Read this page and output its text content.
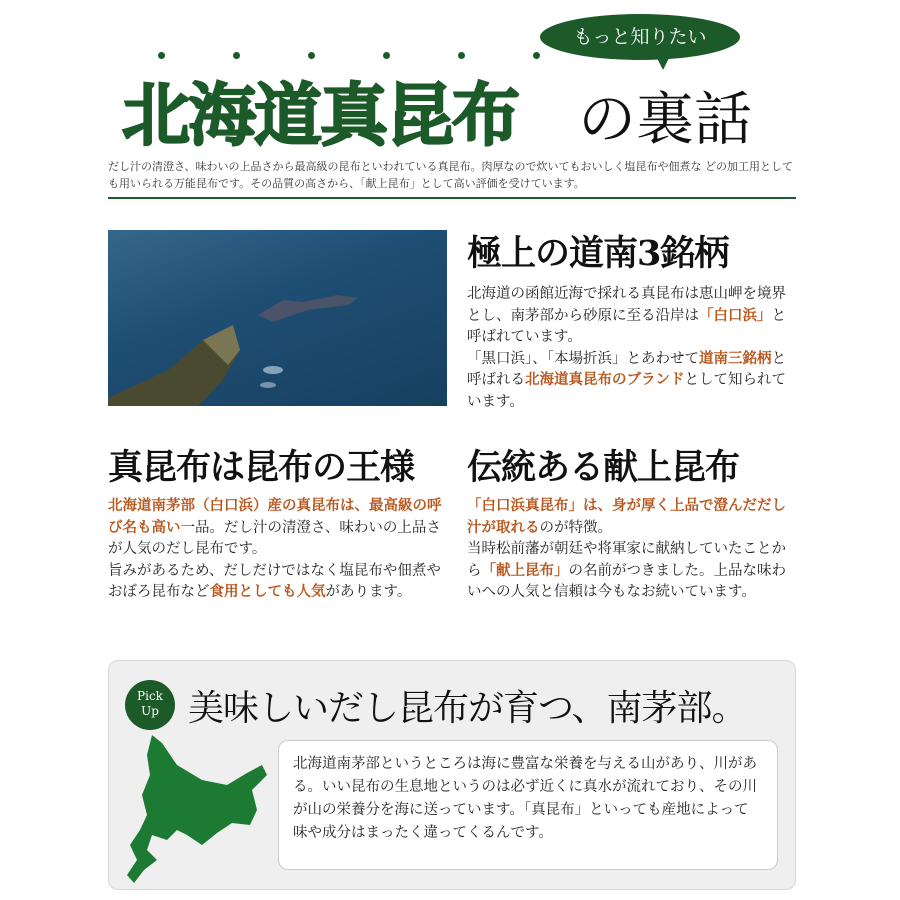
もっと知りたい
北海道真昆布 の裏話
だし汁の清澄さ、味わいの上品さから最高級の昆布といわれている真昆布。肉厚なので炊いてもおいしく塩昆布や佃煮な どの加工用としても用いられる万能昆布です。その品質の高さから、「献上昆布」として高い評価を受けています。
極上の道南3銘柄
北海道の函館近海で採れる真昆布は恵山岬を境界とし、南茅部から砂原に至る沿岸は「白口浜」と呼ばれています。
「黒口浜」、「本場折浜」とあわせて道南三銘柄と呼ばれる北海道真昆布のブランドとして知られています。
真昆布は昆布の王様
北海道南茅部（白口浜）産の真昆布は、最高級の呼び名も高い一品。だし汁の清澄さ、味わいの上品さが人気のだし昆布です。
旨みがあるため、だしだけではなく塩昆布や佃煮やおぼろ昆布など食用としても人気があります。
伝統ある献上昆布
「白口浜真昆布」は、身が厚く上品で澄んだだし汁が取れるのが特徴。
当時松前藩が朝廷や将軍家に献納していたことから「献上昆布」の名前がつきました。上品な味わいへの人気と信頼は今もなお続いています。
Pick
Up 美味しいだし昆布が育つ、南茅部。
北海道南茅部というところは海に豊富な栄養を与える山があり、川がある。いい昆布の生息地というのは必ず近くに真水が流れており、その川が山の栄養分を海に送っています。「真昆布」といっても産地によって味や成分はまったく違ってくるんです。
